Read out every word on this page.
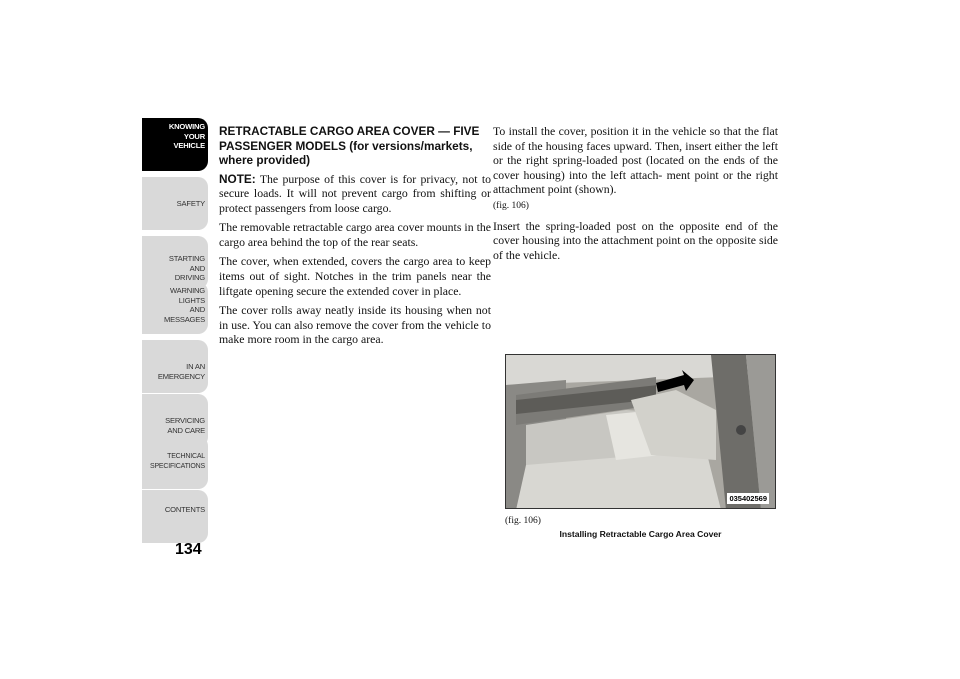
KNOWING
YOUR
VEHICLE
SAFETY
STARTING
AND
DRIVING
WARNING
LIGHTS
AND
MESSAGES
IN AN
EMERGENCY
SERVICING
AND CARE
TECHNICAL
SPECIFICATIONS
CONTENTS
134
RETRACTABLE CARGO AREA COVER — FIVE PASSENGER MODELS (for versions/markets, where provided)

NOTE: The purpose of this cover is for privacy, not to secure loads. It will not prevent cargo from shifting or protect passengers from loose cargo.

The removable retractable cargo area cover mounts in the cargo area behind the top of the rear seats.

The cover, when extended, covers the cargo area to keep items out of sight. Notches in the trim panels near the liftgate opening secure the extended cover in place.

The cover rolls away neatly inside its housing when not in use. You can also remove the cover from the vehicle to make more room in the cargo area.

To install the cover, position it in the vehicle so that the flat side of the housing faces upward. Then, insert either the left or the right spring-loaded post (located on the ends of the cover housing) into the left attach- ment point or the right attachment point (shown).
(fig. 106)

Insert the spring-loaded post on the opposite end of the cover housing into the attachment point on the opposite side of the vehicle.

035402569
(fig. 106)
Installing Retractable Cargo Area Cover
